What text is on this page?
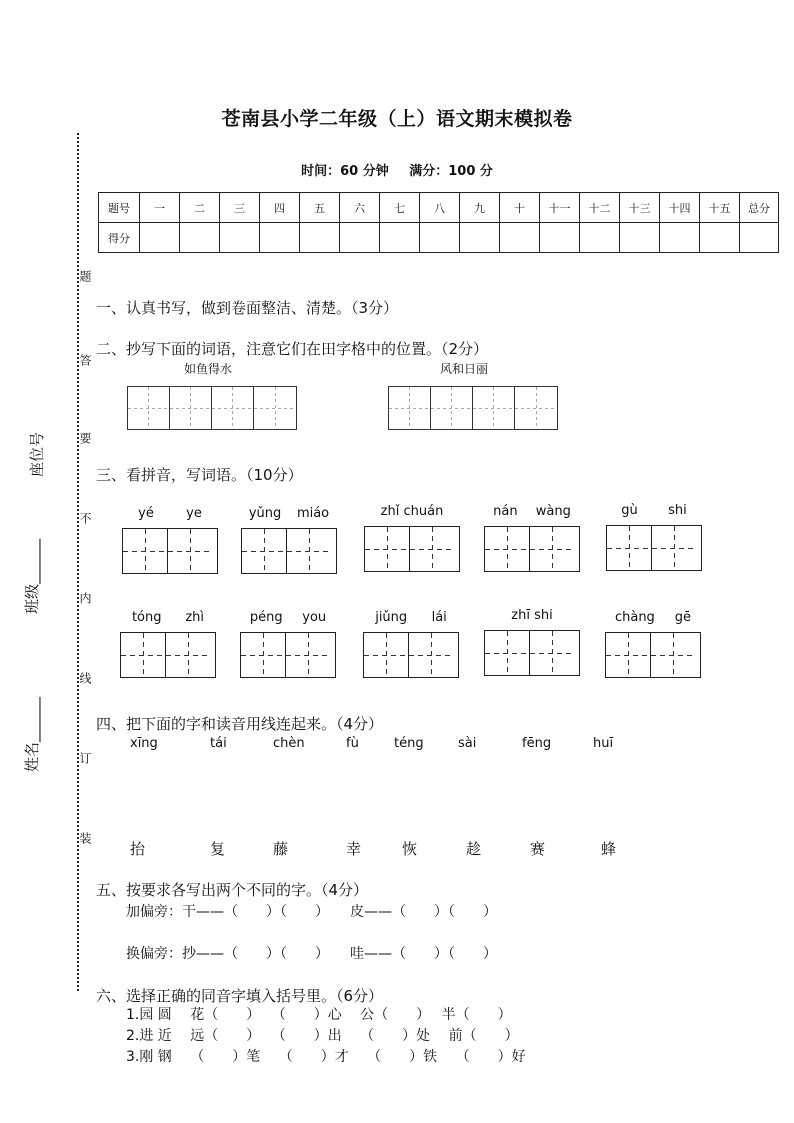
苍南县小学二年级（上）语文期末模拟卷
时间：60 分钟 满分：100 分
题号	一	二	三	四	五	六	七	八	九	十	十一	十二	十三	十四	十五	总分
得分																
题
答
要
不
内
线
订
装
座位号
班级______
姓名______
一、认真书写，做到卷面整洁、清楚。（3分）
二、抄写下面的词语，注意它们在田字格中的位置。（2分）
如鱼得水	风和日丽
三、看拼音，写词语。（10分）
yé ye	yǔng miáo	zhǐ chuán	nán wàng	gù shi
tóng zhì	péng you	jiǔng lái	zhī shi	chàng gē
四、把下面的字和读音用线连起来。（4分）
xīng	tái	chèn	fù	téng	sài	fēng	huī
抬	复	藤	幸	恢	趁	赛	蜂
五、按要求各写出两个不同的字。（4分）
加偏旁：干——（　　）（　　）　　皮——（　　）（　　）
换偏旁：抄——（　　）（　　）　　哇——（　　）（　　）
六、选择正确的同音字填入括号里。（6分）
1.园 圆　 花（　　）　 （　　）心　 公（　　）　 半（　　）
2.进 近　 远（　　）　 （　　）出　 （　　）处　 前（　　）
3.刚 钢　 （　　）笔　 （　　）才　 （　　）铁　 （　　）好
